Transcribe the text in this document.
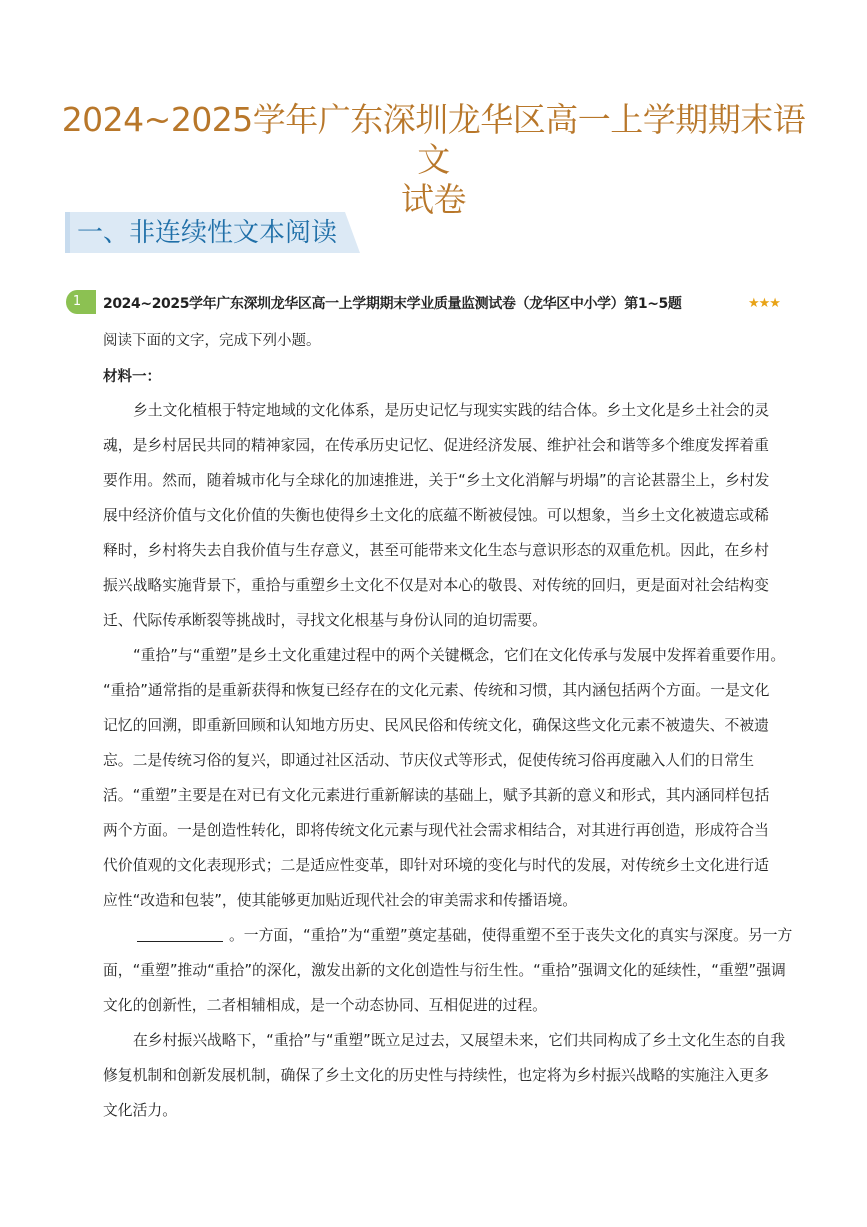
2024~2025学年广东深圳龙华区高一上学期期末语文
试卷
一、非连续性文本阅读
1	2024~2025学年广东深圳龙华区高一上学期期末学业质量监测试卷（龙华区中小学）第1~5题	★★★
阅读下面的文字，完成下列小题。
材料一：
乡土文化植根于特定地域的文化体系，是历史记忆与现实实践的结合体。乡土文化是乡土社会的灵
魂，是乡村居民共同的精神家园，在传承历史记忆、促进经济发展、维护社会和谐等多个维度发挥着重
要作用。然而，随着城市化与全球化的加速推进，关于“乡土文化消解与坍塌”的言论甚嚣尘上，乡村发
展中经济价值与文化价值的失衡也使得乡土文化的底蕴不断被侵蚀。可以想象，当乡土文化被遗忘或稀
释时，乡村将失去自我价值与生存意义，甚至可能带来文化生态与意识形态的双重危机。因此，在乡村
振兴战略实施背景下，重拾与重塑乡土文化不仅是对本心的敬畏、对传统的回归，更是面对社会结构变
迁、代际传承断裂等挑战时，寻找文化根基与身份认同的迫切需要。
“重拾”与“重塑”是乡土文化重建过程中的两个关键概念，它们在文化传承与发展中发挥着重要作用。
“重拾”通常指的是重新获得和恢复已经存在的文化元素、传统和习惯，其内涵包括两个方面。一是文化
记忆的回溯，即重新回顾和认知地方历史、民风民俗和传统文化，确保这些文化元素不被遗失、不被遗
忘。二是传统习俗的复兴，即通过社区活动、节庆仪式等形式，促使传统习俗再度融入人们的日常生
活。“重塑”主要是在对已有文化元素进行重新解读的基础上，赋予其新的意义和形式，其内涵同样包括
两个方面。一是创造性转化，即将传统文化元素与现代社会需求相结合，对其进行再创造，形成符合当
代价值观的文化表现形式；二是适应性变革，即针对环境的变化与时代的发展，对传统乡土文化进行适
应性“改造和包装”，使其能够更加贴近现代社会的审美需求和传播语境。
。一方面，“重拾”为“重塑”奠定基础，使得重塑不至于丧失文化的真实与深度。另一方
面，“重塑”推动“重拾”的深化，激发出新的文化创造性与衍生性。“重拾”强调文化的延续性，“重塑”强调
文化的创新性，二者相辅相成，是一个动态协同、互相促进的过程。
在乡村振兴战略下，“重拾”与“重塑”既立足过去，又展望未来，它们共同构成了乡土文化生态的自我
修复机制和创新发展机制，确保了乡土文化的历史性与持续性，也定将为乡村振兴战略的实施注入更多
文化活力。
